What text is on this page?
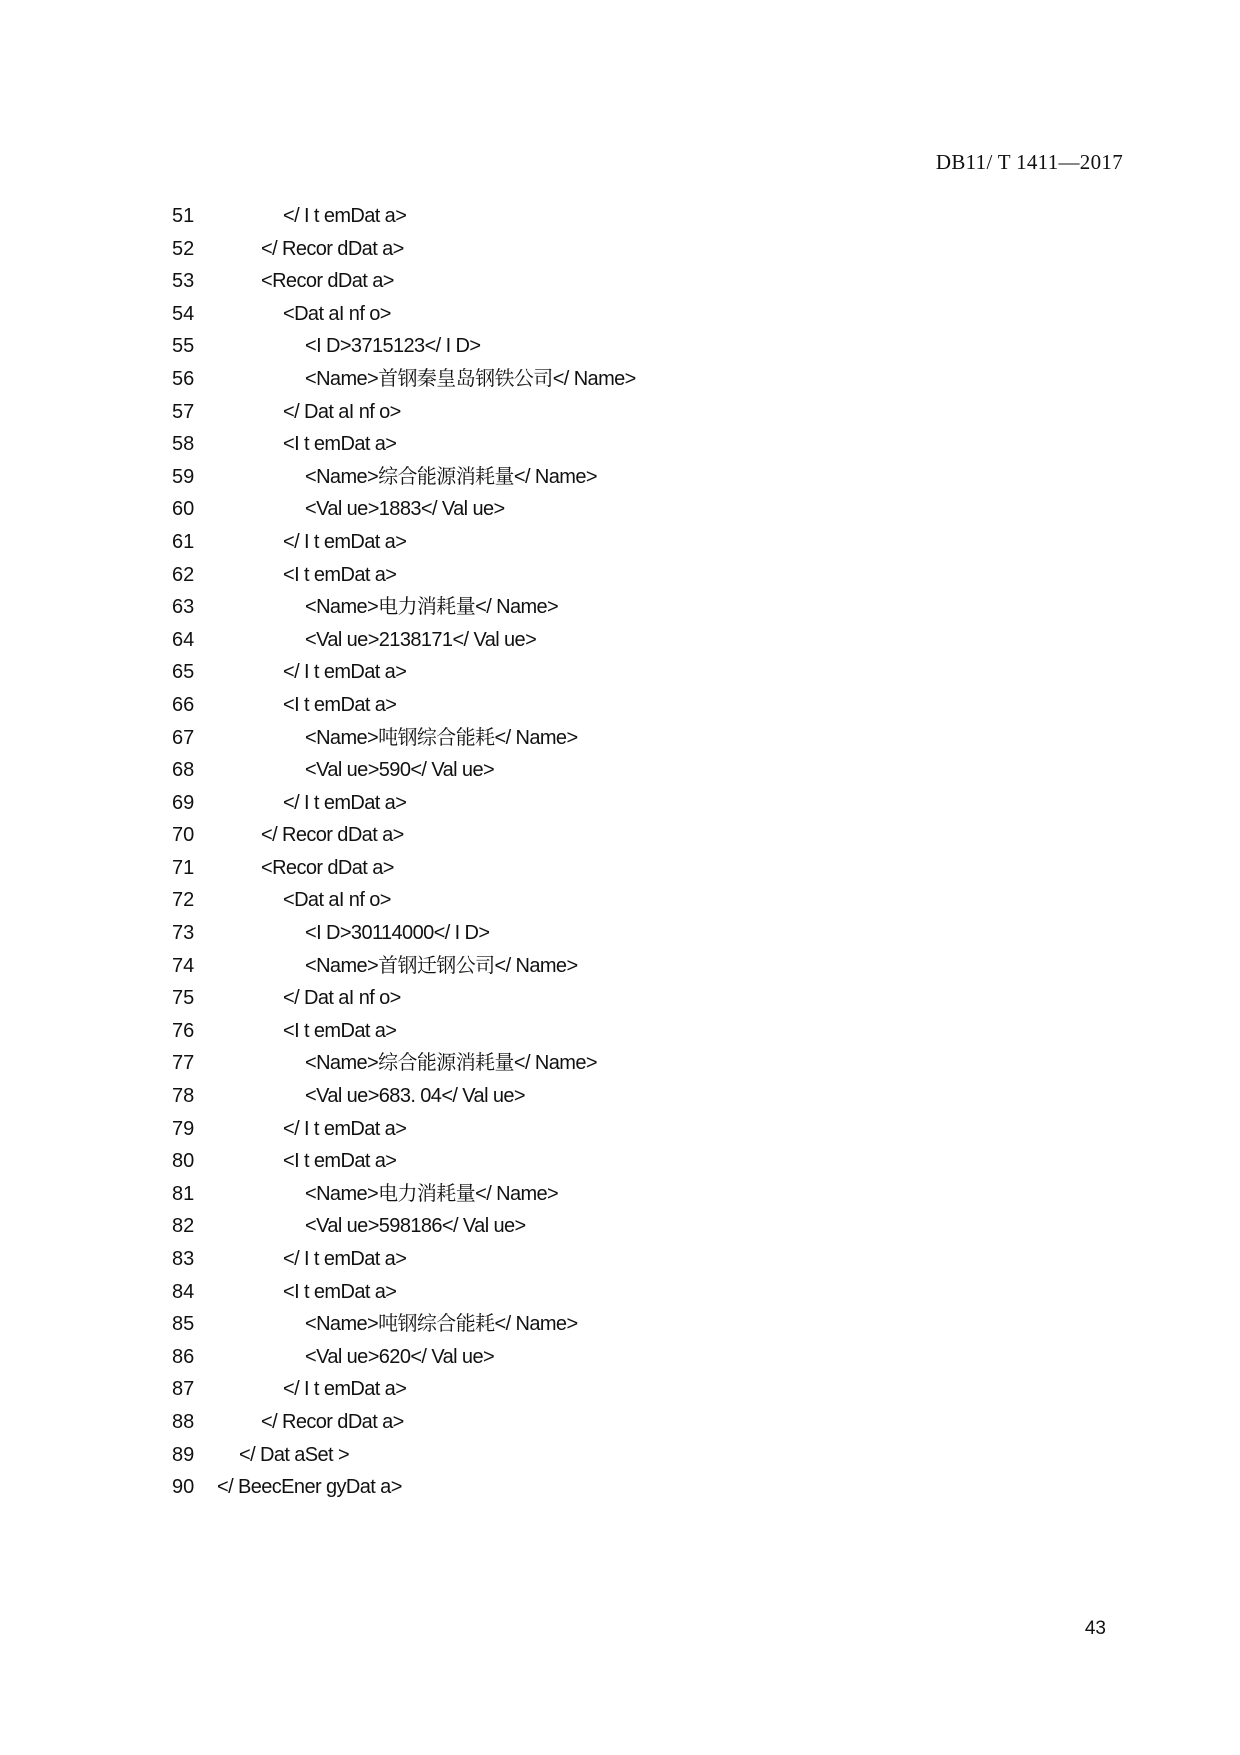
DB11/ T 1411—2017
51	</ I t emDat a>
52	</ Recor dDat a>
53	<Recor dDat a>
54	<Dat aI nf o>
55	<I D>3715123</ I D>
56	<Name>首钢秦皇岛钢铁公司</ Name>
57	</ Dat aI nf o>
58	<I t emDat a>
59	<Name>综合能源消耗量</ Name>
60	<Val ue>1883</ Val ue>
61	</ I t emDat a>
62	<I t emDat a>
63	<Name>电力消耗量</ Name>
64	<Val ue>2138171</ Val ue>
65	</ I t emDat a>
66	<I t emDat a>
67	<Name>吨钢综合能耗</ Name>
68	<Val ue>590</ Val ue>
69	</ I t emDat a>
70	</ Recor dDat a>
71	<Recor dDat a>
72	<Dat aI nf o>
73	<I D>30114000</ I D>
74	<Name>首钢迁钢公司</ Name>
75	</ Dat aI nf o>
76	<I t emDat a>
77	<Name>综合能源消耗量</ Name>
78	<Val ue>683. 04</ Val ue>
79	</ I t emDat a>
80	<I t emDat a>
81	<Name>电力消耗量</ Name>
82	<Val ue>598186</ Val ue>
83	</ I t emDat a>
84	<I t emDat a>
85	<Name>吨钢综合能耗</ Name>
86	<Val ue>620</ Val ue>
87	</ I t emDat a>
88	</ Recor dDat a>
89 </ Dat aSet >
90 </ BeecEner gyDat a>
43
